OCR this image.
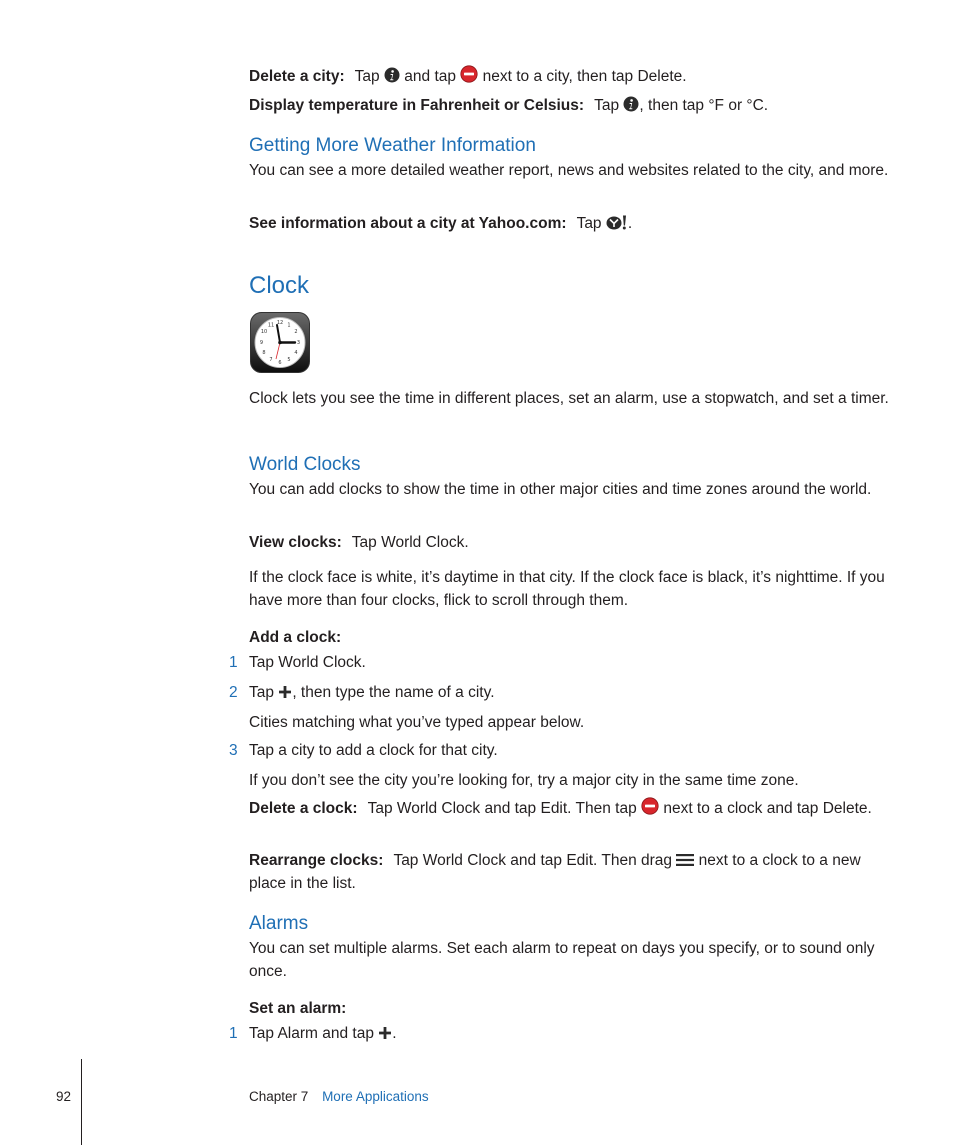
Delete a city: Tap and tap next to a city, then tap Delete.

Display temperature in Fahrenheit or Celsius: Tap , then tap °F or °C.

Getting More Weather Information

You can see a more detailed weather report, news and websites related to the city, and more.

See information about a city at Yahoo.com: Tap .

Clock
12 1
2
3
4
5
6
7
8
9
10
11

Clock lets you see the time in different places, set an alarm, use a stopwatch, and set a timer.

World Clocks

You can add clocks to show the time in other major cities and time zones around the world.

View clocks: Tap World Clock.

If the clock face is white, it’s daytime in that city. If the clock face is black, it’s nighttime. If you have more than four clocks, flick to scroll through them.

Add a clock:

1 Tap World Clock.

2 Tap , then type the name of a city.

Cities matching what you’ve typed appear below.

3 Tap a city to add a clock for that city.

If you don’t see the city you’re looking for, try a major city in the same time zone.

Delete a clock: Tap World Clock and tap Edit. Then tap next to a clock and tap Delete.

Rearrange clocks: Tap World Clock and tap Edit. Then drag next to a clock to a new place in the list.

Alarms

You can set multiple alarms. Set each alarm to repeat on days you specify, or to sound only once.

Set an alarm:

1 Tap Alarm and tap .

92	Chapter 7 More Applications
